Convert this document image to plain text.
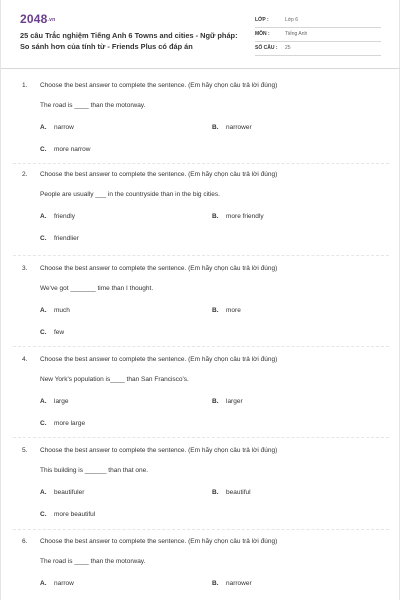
2048.vn
25 câu Trắc nghiệm Tiếng Anh 6 Towns and cities - Ngữ pháp: So sánh hơn của tính từ - Friends Plus có đáp án
LỚP :	Lớp 6
MÔN :	Tiếng Anh
SỐ CÂU : 25
1. Choose the best answer to complete the sentence. (Em hãy chọn câu trả lời đúng)
The road is ____ than the motorway.
A. narrow	B. narrower
C. more narrow
2. Choose the best answer to complete the sentence. (Em hãy chọn câu trả lời đúng)
People are usually ___ in the countryside than in the big cities.
A. friendly	B. more friendly
C. friendlier
3. Choose the best answer to complete the sentence. (Em hãy chọn câu trả lời đúng)
We've got _______ time than I thought.
A. much	B. more
C. few
4. Choose the best answer to complete the sentence. (Em hãy chọn câu trả lời đúng)
New York's population is____ than San Francisco's.
A. large	B. larger
C. more large
5. Choose the best answer to complete the sentence. (Em hãy chọn câu trả lời đúng)
This building is ______ than that one.
A. beautifuler	B. beautiful
C. more beautiful
6. Choose the best answer to complete the sentence. (Em hãy chọn câu trả lời đúng)
The road is ____ than the motorway.
A. narrow	B. narrower
